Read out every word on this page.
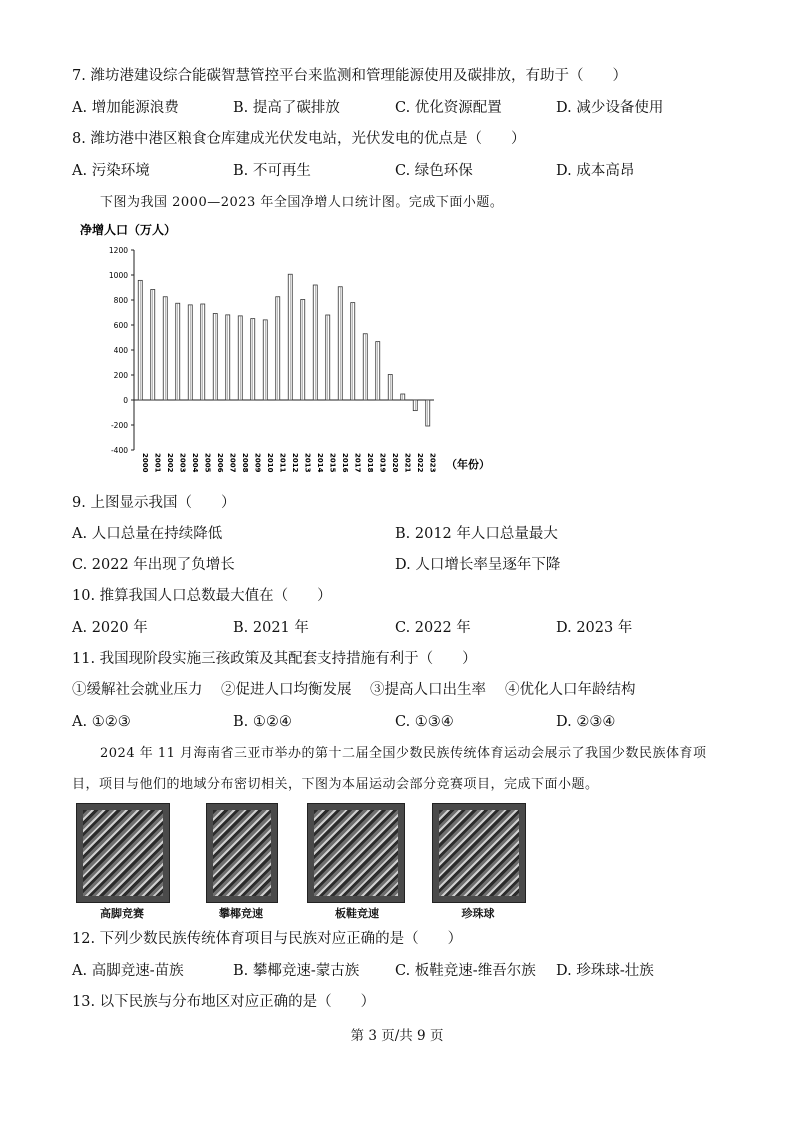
7. 潍坊港建设综合能碳智慧管控平台来监测和管理能源使用及碳排放，有助于（　　）
A. 增加能源浪费	B. 提高了碳排放	C. 优化资源配置	D. 减少设备使用
8. 潍坊港中港区粮食仓库建成光伏发电站，光伏发电的优点是（　　）
A. 污染环境	B. 不可再生	C. 绿色环保	D. 成本高昂
下图为我国 2000—2023 年全国净增人口统计图。完成下面小题。
净增人口（万人）
1200
1000
800
600
400
200
0
-200
-400
2000 2001 2002 2003 2004 2005 2006 2007 2008 2009 2010 2011 2012 2013 2014 2015 2016 2017 2018 2019 2020 2021 2022 2023 （年份）
9. 上图显示我国（　　）
A. 人口总量在持续降低	B. 2012 年人口总量最大
C. 2022 年出现了负增长	D. 人口增长率呈逐年下降
10. 推算我国人口总数最大值在（　　）
A. 2020 年	B. 2021 年	C. 2022 年	D. 2023 年
11. 我国现阶段实施三孩政策及其配套支持措施有利于（　　）
①缓解社会就业压力 ②促进人口均衡发展 ③提高人口出生率 ④优化人口年龄结构
A. ①②③	B. ①②④	C. ①③④	D. ②③④
2024 年 11 月海南省三亚市举办的第十二届全国少数民族传统体育运动会展示了我国少数民族体育项
目，项目与他们的地域分布密切相关，下图为本届运动会部分竞赛项目，完成下面小题。
高脚竞赛	攀椰竞速	板鞋竞速	珍珠球
12. 下列少数民族传统体育项目与民族对应正确的是（　　）
A. 高脚竞速-苗族	B. 攀椰竞速-蒙古族 C. 板鞋竞速-维吾尔族 D. 珍珠球-壮族
13. 以下民族与分布地区对应正确的是（　　）
第 3 页/共 9 页
